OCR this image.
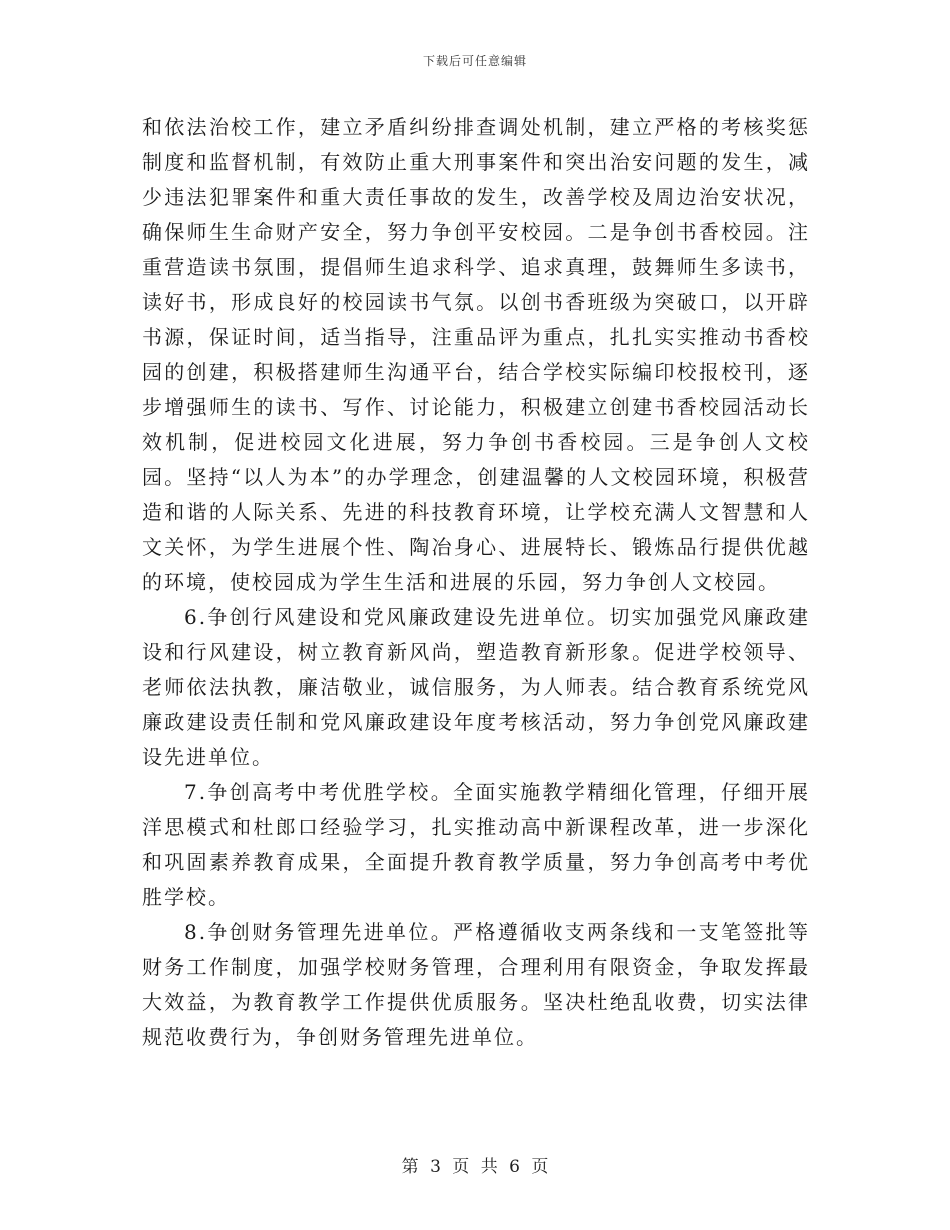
下载后可任意编辑

和依法治校工作，建立矛盾纠纷排查调处机制，建立严格的考核奖惩制度和监督机制，有效防止重大刑事案件和突出治安问题的发生，减少违法犯罪案件和重大责任事故的发生，改善学校及周边治安状况，确保师生生命财产安全，努力争创平安校园。二是争创书香校园。注重营造读书氛围，提倡师生追求科学、追求真理，鼓舞师生多读书，读好书，形成良好的校园读书气氛。以创书香班级为突破口，以开辟书源，保证时间，适当指导，注重品评为重点，扎扎实实推动书香校园的创建，积极搭建师生沟通平台，结合学校实际编印校报校刊，逐步增强师生的读书、写作、讨论能力，积极建立创建书香校园活动长效机制，促进校园文化进展，努力争创书香校园。三是争创人文校园。坚持“以人为本”的办学理念，创建温馨的人文校园环境，积极营造和谐的人际关系、先进的科技教育环境，让学校充满人文智慧和人文关怀，为学生进展个性、陶冶身心、进展特长、锻炼品行提供优越的环境，使校园成为学生生活和进展的乐园，努力争创人文校园。

6.争创行风建设和党风廉政建设先进单位。切实加强党风廉政建设和行风建设，树立教育新风尚，塑造教育新形象。促进学校领导、老师依法执教，廉洁敬业，诚信服务，为人师表。结合教育系统党风廉政建设责任制和党风廉政建设年度考核活动，努力争创党风廉政建设先进单位。

7.争创高考中考优胜学校。全面实施教学精细化管理，仔细开展洋思模式和杜郎口经验学习，扎实推动高中新课程改革，进一步深化和巩固素养教育成果，全面提升教育教学质量，努力争创高考中考优胜学校。

8.争创财务管理先进单位。严格遵循收支两条线和一支笔签批等财务工作制度，加强学校财务管理，合理利用有限资金，争取发挥最大效益，为教育教学工作提供优质服务。坚决杜绝乱收费，切实法律规范收费行为，争创财务管理先进单位。

第 3 页 共 6 页
